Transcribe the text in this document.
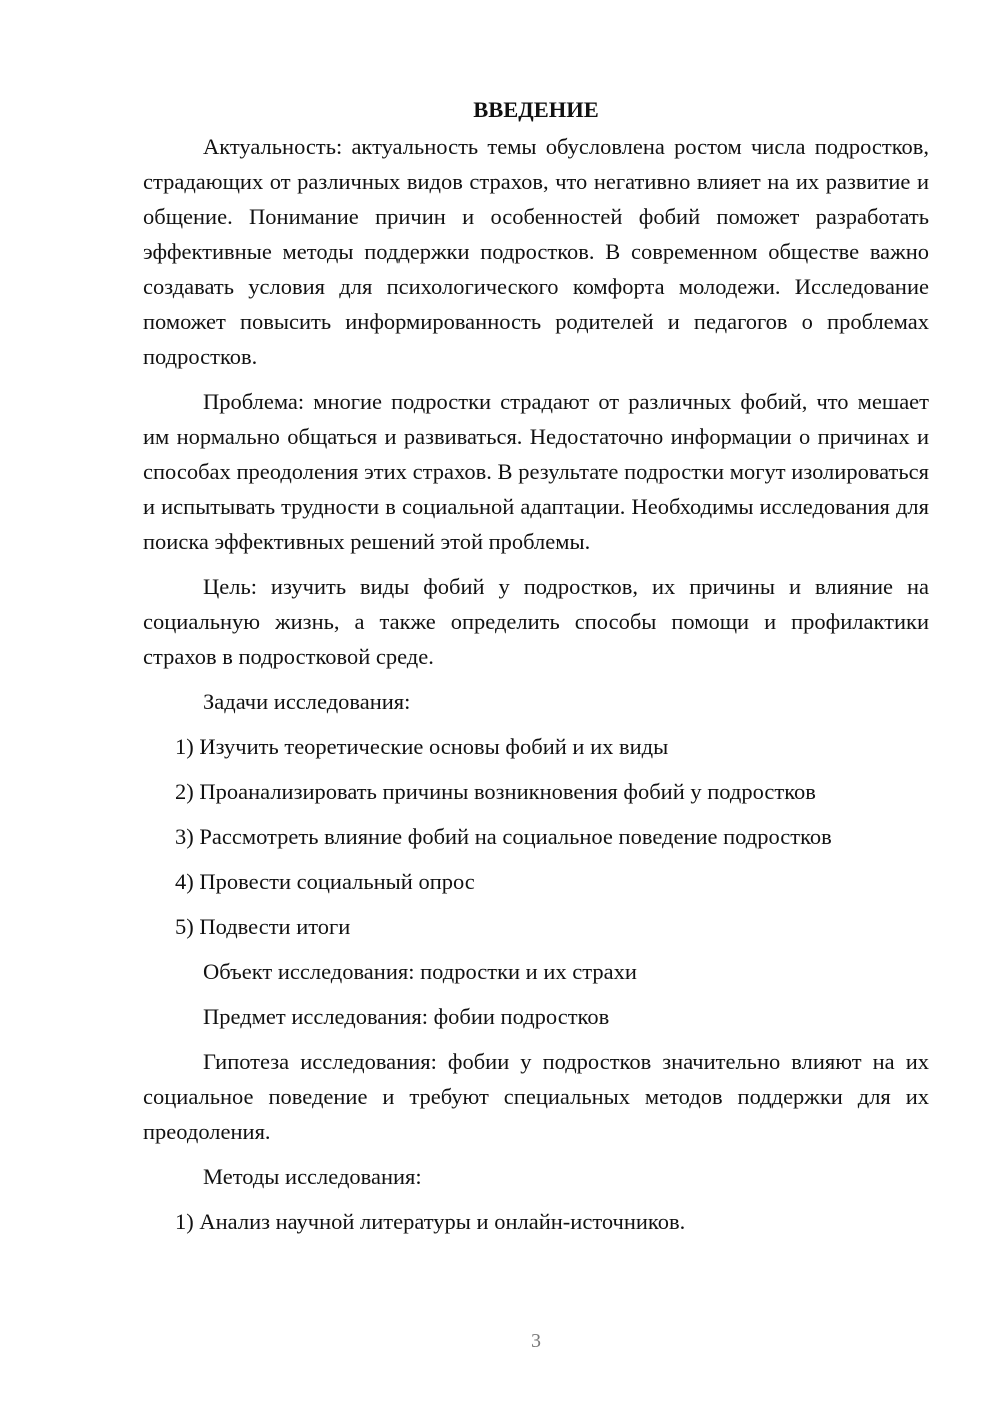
ВВЕДЕНИЕ
Актуальность: актуальность темы обусловлена ростом числа подростков, страдающих от различных видов страхов, что негативно влияет на их развитие и общение. Понимание причин и особенностей фобий поможет разработать эффективные методы поддержки подростков. В современном обществе важно создавать условия для психологического комфорта молодежи. Исследование поможет повысить информированность родителей и педагогов о проблемах подростков.
Проблема: многие подростки страдают от различных фобий, что мешает им нормально общаться и развиваться. Недостаточно информации о причинах и способах преодоления этих страхов. В результате подростки могут изолироваться и испытывать трудности в социальной адаптации. Необходимы исследования для поиска эффективных решений этой проблемы.
Цель: изучить виды фобий у подростков, их причины и влияние на социальную жизнь, а также определить способы помощи и профилактики страхов в подростковой среде.
Задачи исследования:
1) Изучить теоретические основы фобий и их виды
2) Проанализировать причины возникновения фобий у подростков
3) Рассмотреть влияние фобий на социальное поведение подростков
4) Провести социальный опрос
5) Подвести итоги
Объект исследования: подростки и их страхи
Предмет исследования: фобии подростков
Гипотеза исследования: фобии у подростков значительно влияют на их социальное поведение и требуют специальных методов поддержки для их преодоления.
Методы исследования:
1) Анализ научной литературы и онлайн-источников.
3
